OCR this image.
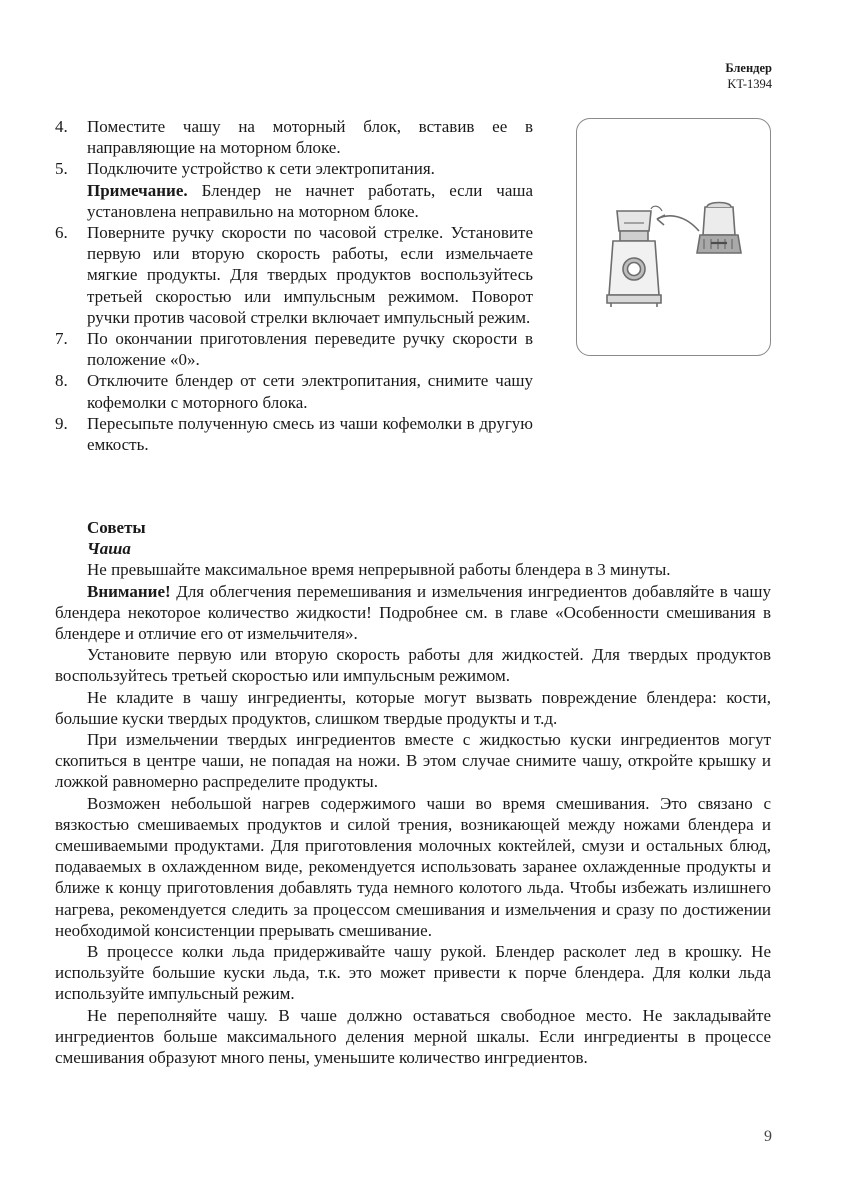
Блендер
KT-1394
4. Поместите чашу на моторный блок, вставив ее в направляющие на моторном блоке.
5. Подключите устройство к сети электропитания.
Примечание. Блендер не начнет работать, если чаша установлена неправильно на моторном блоке.
6. Поверните ручку скорости по часовой стрелке. Установите первую или вторую скорость работы, если измельчаете мягкие продукты. Для твердых продуктов воспользуйтесь третьей скоростью или импульсным режимом. Поворот ручки против часовой стрелки включает импульсный режим.
7. По окончании приготовления переведите ручку скорости в положение «0».
8. Отключите блендер от сети электропитания, снимите чашу кофемолки с моторного блока.
9. Пересыпьте полученную смесь из чаши кофемолки в другую емкость.
Советы
Чаша

Не превышайте максимальное время непрерывной работы блендера в 3 минуты.

Внимание! Для облегчения перемешивания и измельчения ингредиентов добавляйте в чашу блендера некоторое количество жидкости! Подробнее см. в главе «Особенности смешивания в блендере и отличие его от измельчителя».

Установите первую или вторую скорость работы для жидкостей. Для твердых продуктов воспользуйтесь третьей скоростью или импульсным режимом.

Не кладите в чашу ингредиенты, которые могут вызвать повреждение блендера: кости, большие куски твердых продуктов, слишком твердые продукты и т.д.

При измельчении твердых ингредиентов вместе с жидкостью куски ингредиентов могут скопиться в центре чаши, не попадая на ножи. В этом случае снимите чашу, откройте крышку и ложкой равномерно распределите продукты.

Возможен небольшой нагрев содержимого чаши во время смешивания. Это связано с вязкостью смешиваемых продуктов и силой трения, возникающей между ножами блендера и смешиваемыми продуктами. Для приготовления молочных коктейлей, смузи и остальных блюд, подаваемых в охлажденном виде, рекомендуется использовать заранее охлажденные продукты и ближе к концу приготовления добавлять туда немного колотого льда. Чтобы избежать излишнего нагрева, рекомендуется следить за процессом смешивания и измельчения и сразу по достижении необходимой консистенции прерывать смешивание.

В процессе колки льда придерживайте чашу рукой. Блендер расколет лед в крошку. Не используйте большие куски льда, т.к. это может привести к порче блендера. Для колки льда используйте импульсный режим.

Не переполняйте чашу. В чаше должно оставаться свободное место. Не закладывайте ингредиентов больше максимального деления мерной шкалы. Если ингредиенты в процессе смешивания образуют много пены, уменьшите количество ингредиентов.

9
